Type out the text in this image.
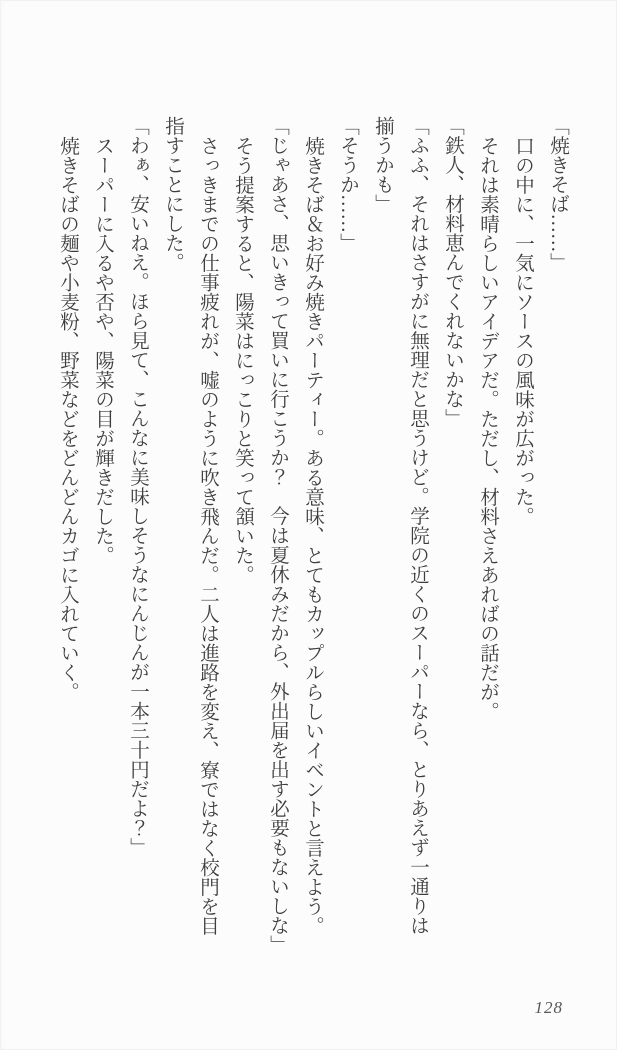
「焼きそば……」
口の中に、一気にソースの風味が広がった。
それは素晴らしいアイデアだ。ただし、材料さえあればの話だが。
「鉄人、材料恵んでくれないかな」
「ふふ、それはさすがに無理だと思うけど。学院の近くのスーパーなら、とりあえず一通りは
揃うかも」
「そうか……」
焼きそば＆お好み焼きパーティー。ある意味、とてもカップルらしいイベントと言えよう。
「じゃあさ、思いきって買いに行こうか？　今は夏休みだから、外出届を出す必要もないしな」
そう提案すると、陽菜はにっこりと笑って頷いた。
さっきまでの仕事疲れが、嘘のように吹き飛んだ。二人は進路を変え、寮ではなく校門を目
指すことにした。
「わぁ、安いねえ。ほら見て、こんなに美味しそうなにんじんが一本三十円だよ？」
スーパーに入るや否や、陽菜の目が輝きだした。
焼きそばの麺や小麦粉、野菜などをどんどんカゴに入れていく。
128
